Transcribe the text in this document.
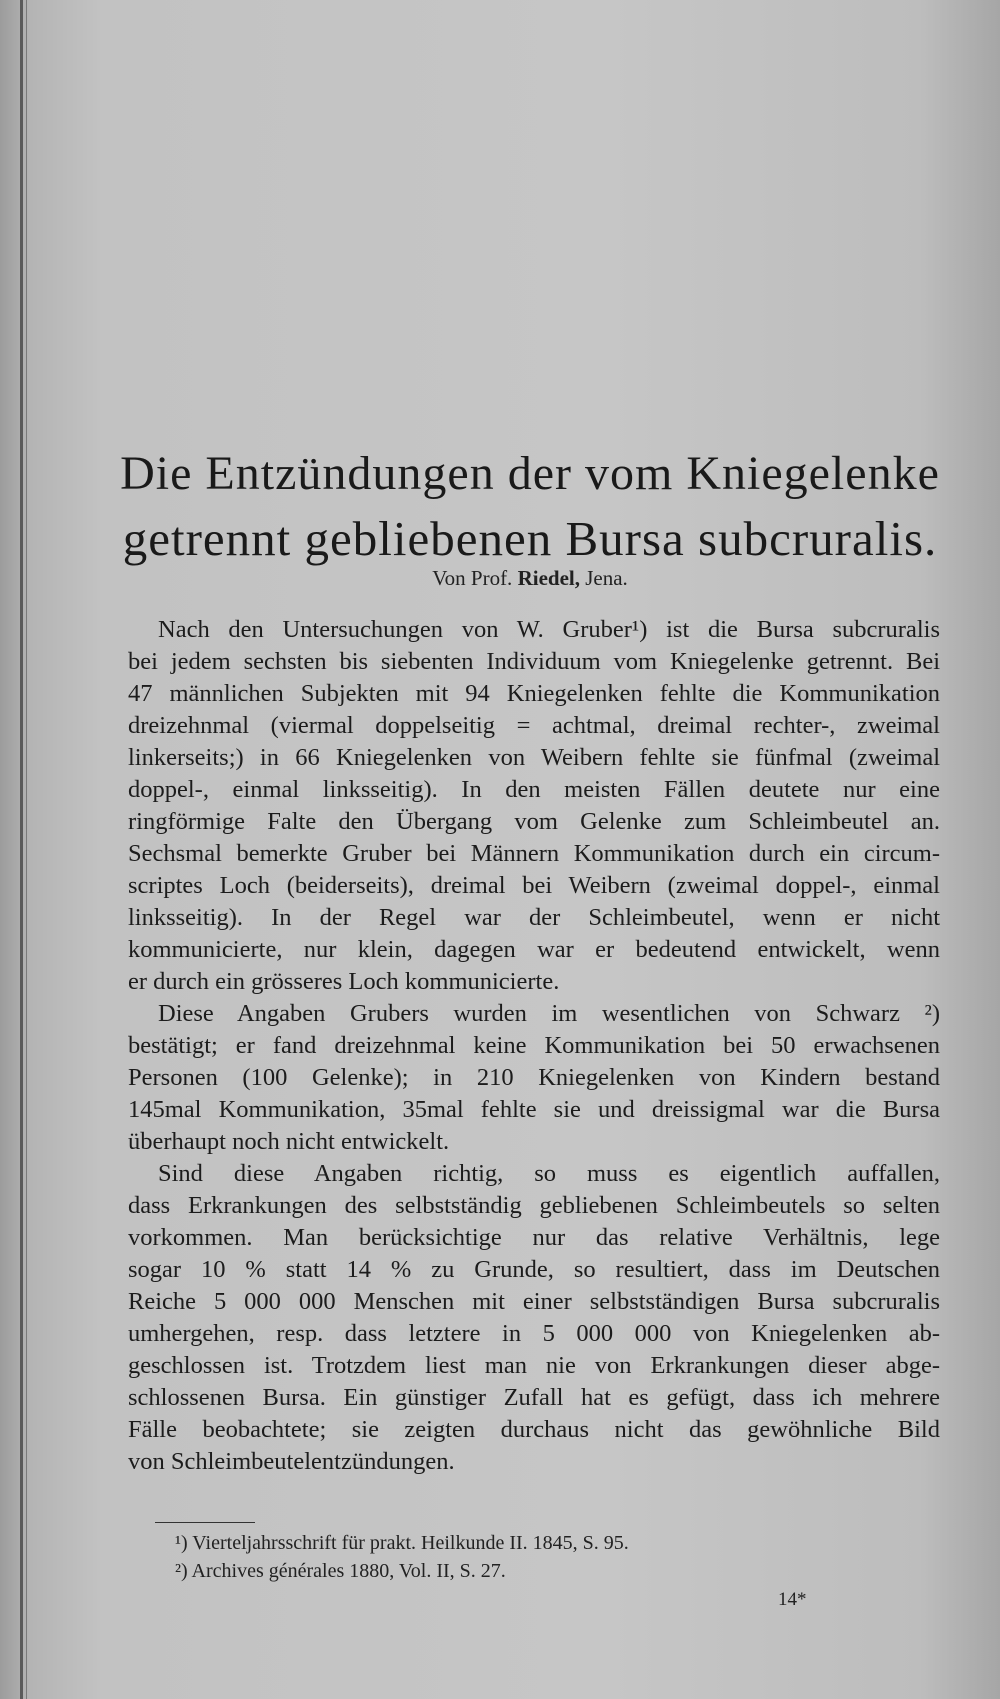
Die Entzündungen der vom Kniegelenke
getrennt gebliebenen Bursa subcruralis.
Von Prof. Riedel, Jena.
Nach den Untersuchungen von W. Gruber¹) ist die Bursa subcruralis
bei jedem sechsten bis siebenten Individuum vom Kniegelenke getrennt. Bei
47 männlichen Subjekten mit 94 Kniegelenken fehlte die Kommunikation
dreizehnmal (viermal doppelseitig = achtmal, dreimal rechter-, zweimal
linkerseits;) in 66 Kniegelenken von Weibern fehlte sie fünfmal (zweimal
doppel-, einmal linksseitig). In den meisten Fällen deutete nur eine
ringförmige Falte den Übergang vom Gelenke zum Schleimbeutel an.
Sechsmal bemerkte Gruber bei Männern Kommunikation durch ein circum-
scriptes Loch (beiderseits), dreimal bei Weibern (zweimal doppel-, einmal
linksseitig). In der Regel war der Schleimbeutel, wenn er nicht
kommunicierte, nur klein, dagegen war er bedeutend entwickelt, wenn
er durch ein grösseres Loch kommunicierte.
Diese Angaben Grubers wurden im wesentlichen von Schwarz ²)
bestätigt; er fand dreizehnmal keine Kommunikation bei 50 erwachsenen
Personen (100 Gelenke); in 210 Kniegelenken von Kindern bestand
145mal Kommunikation, 35mal fehlte sie und dreissigmal war die Bursa
überhaupt noch nicht entwickelt.
Sind diese Angaben richtig, so muss es eigentlich auffallen,
dass Erkrankungen des selbstständig gebliebenen Schleimbeutels so selten
vorkommen. Man berücksichtige nur das relative Verhältnis, lege
sogar 10 % statt 14 % zu Grunde, so resultiert, dass im Deutschen
Reiche 5 000 000 Menschen mit einer selbstständigen Bursa subcruralis
umhergehen, resp. dass letztere in 5 000 000 von Kniegelenken ab-
geschlossen ist. Trotzdem liest man nie von Erkrankungen dieser abge-
schlossenen Bursa. Ein günstiger Zufall hat es gefügt, dass ich mehrere
Fälle beobachtete; sie zeigten durchaus nicht das gewöhnliche Bild
von Schleimbeutelentzündungen.
¹) Vierteljahrsschrift für prakt. Heilkunde II. 1845, S. 95.
²) Archives générales 1880, Vol. II, S. 27.
14*
